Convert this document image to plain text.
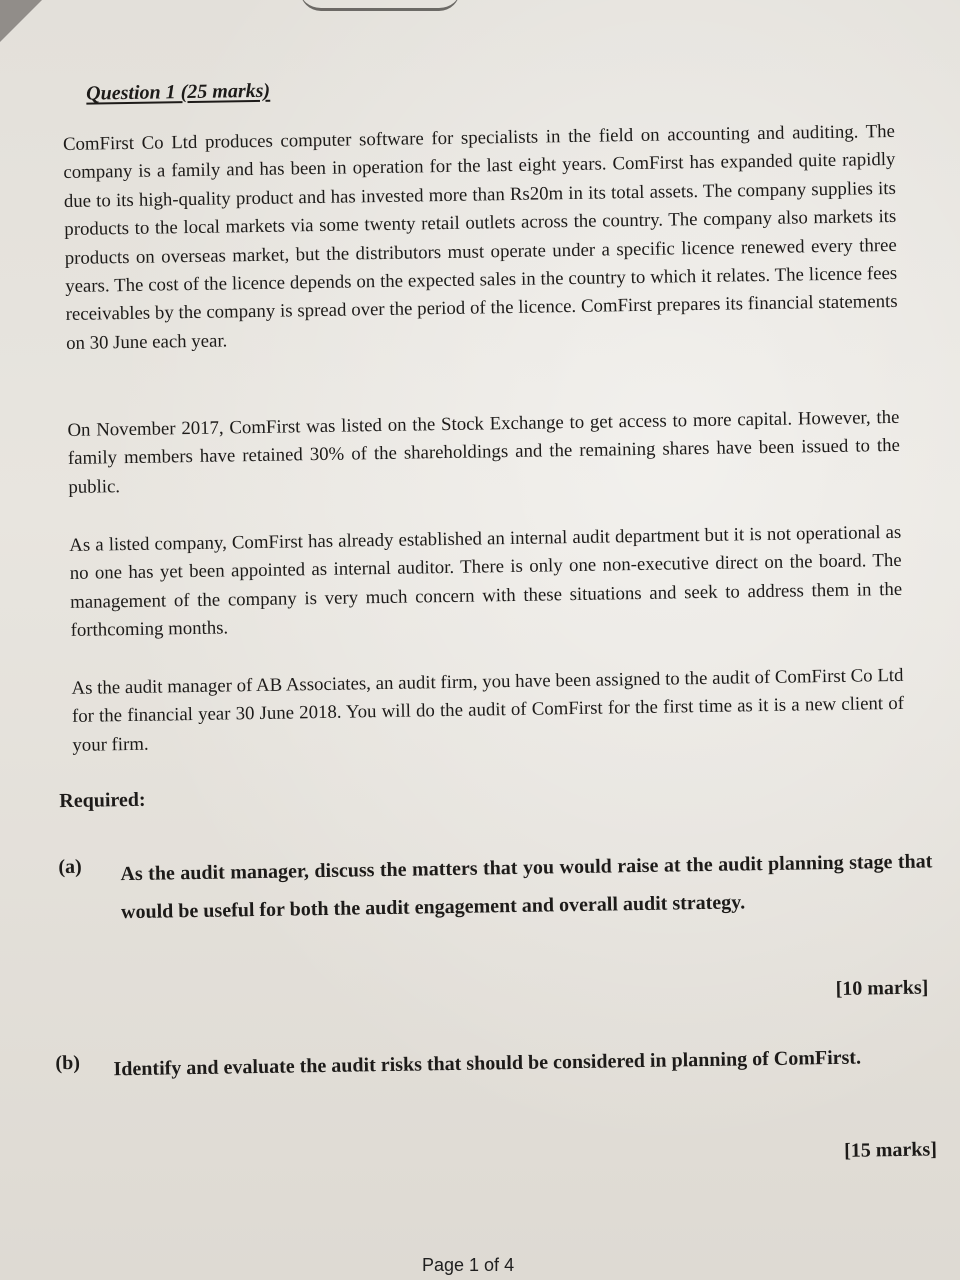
Question 1 (25 marks)

ComFirst Co Ltd produces computer software for specialists in the field on accounting and auditing. The company is a family and has been in operation for the last eight years. ComFirst has expanded quite rapidly due to its high-quality product and has invested more than Rs20m in its total assets. The company supplies its products to the local markets via some twenty retail outlets across the country. The company also markets its products on overseas market, but the distributors must operate under a specific licence renewed every three years. The cost of the licence depends on the expected sales in the country to which it relates. The licence fees receivables by the company is spread over the period of the licence. ComFirst prepares its financial statements on 30 June each year.

On November 2017, ComFirst was listed on the Stock Exchange to get access to more capital. However, the family members have retained 30% of the shareholdings and the remaining shares have been issued to the public.

As a listed company, ComFirst has already established an internal audit department but it is not operational as no one has yet been appointed as internal auditor. There is only one non-executive direct on the board. The management of the company is very much concern with these situations and seek to address them in the forthcoming months.

As the audit manager of AB Associates, an audit firm, you have been assigned to the audit of ComFirst Co Ltd for the financial year 30 June 2018. You will do the audit of ComFirst for the first time as it is a new client of your firm.

Required:

(a) As the audit manager, discuss the matters that you would raise at the audit planning stage that would be useful for both the audit engagement and overall audit strategy.

[10 marks]

(b) Identify and evaluate the audit risks that should be considered in planning of ComFirst.

[15 marks]

Page 1 of 4
